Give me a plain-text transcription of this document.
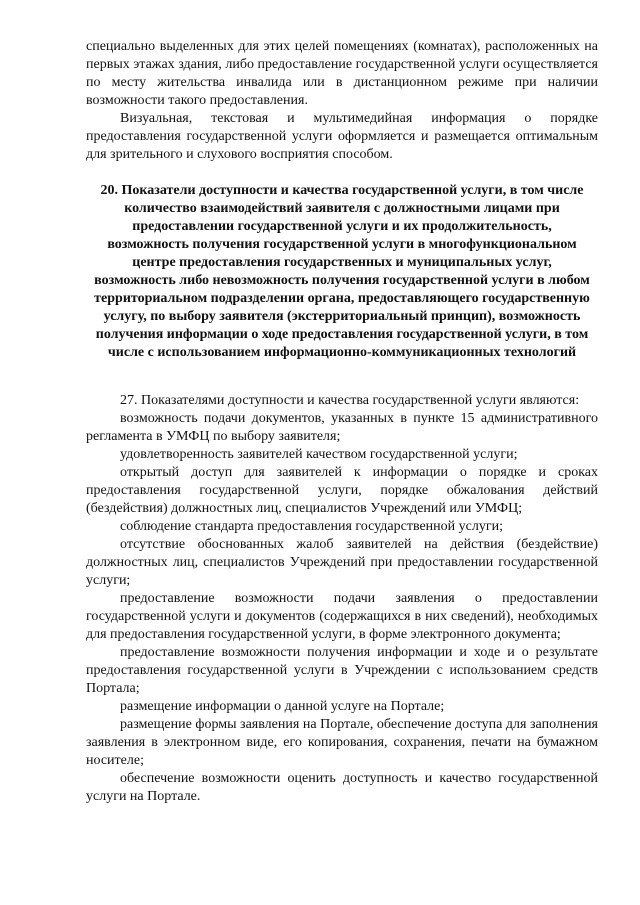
специально выделенных для этих целей помещениях (комнатах), расположенных на первых этажах здания, либо предоставление государственной услуги осуществляется по месту жительства инвалида или в дистанционном режиме при наличии возможности такого предоставления.

Визуальная, текстовая и мультимедийная информация о порядке предоставления государственной услуги оформляется и размещается оптимальным для зрительного и слухового восприятия способом.

20. Показатели доступности и качества государственной услуги, в том числе количество взаимодействий заявителя с должностными лицами при предоставлении государственной услуги и их продолжительность, возможность получения государственной услуги в многофункциональном центре предоставления государственных и муниципальных услуг, возможность либо невозможность получения государственной услуги в любом территориальном подразделении органа, предоставляющего государственную услугу, по выбору заявителя (экстерриториальный принцип), возможность получения информации о ходе предоставления государственной услуги, в том числе с использованием информационно-коммуникационных технологий

27. Показателями доступности и качества государственной услуги являются:

возможность подачи документов, указанных в пункте 15 административного регламента в УМФЦ по выбору заявителя;

удовлетворенность заявителей качеством государственной услуги;

открытый доступ для заявителей к информации о порядке и сроках предоставления государственной услуги, порядке обжалования действий (бездействия) должностных лиц, специалистов Учреждений или УМФЦ;

соблюдение стандарта предоставления государственной услуги;

отсутствие обоснованных жалоб заявителей на действия (бездействие) должностных лиц, специалистов Учреждений при предоставлении государственной услуги;

предоставление возможности подачи заявления о предоставлении государственной услуги и документов (содержащихся в них сведений), необходимых для предоставления государственной услуги, в форме электронного документа;

предоставление возможности получения информации и ходе и о результате предоставления государственной услуги в Учреждении с использованием средств Портала;

размещение информации о данной услуге на Портале;

размещение формы заявления на Портале, обеспечение доступа для заполнения заявления в электронном виде, его копирования, сохранения, печати на бумажном носителе;

обеспечение возможности оценить доступность и качество государственной услуги на Портале.
